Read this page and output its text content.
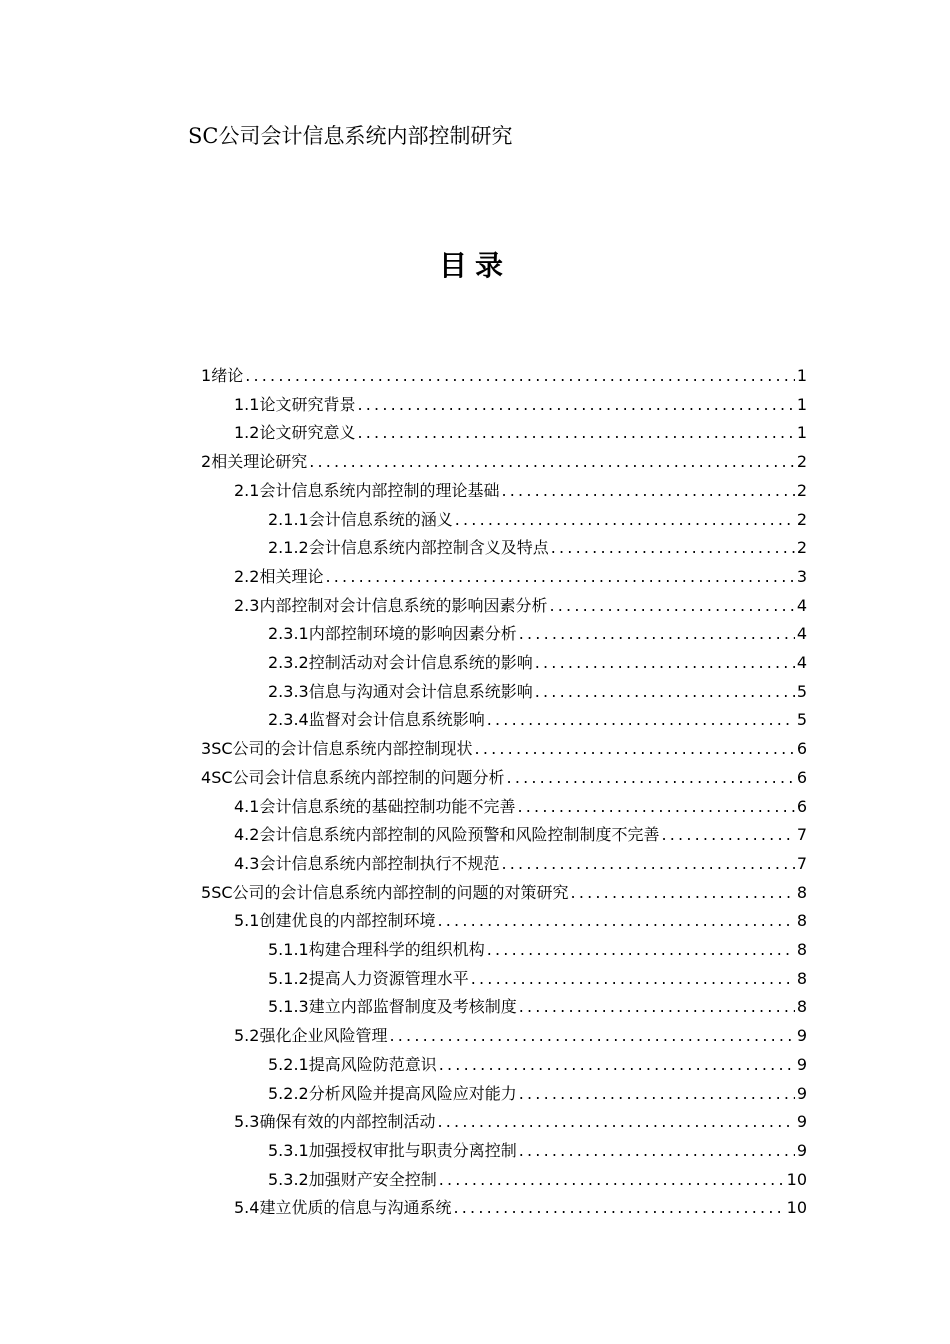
SC公司会计信息系统内部控制研究
目录
1 绪论 .....	1
1.1 论文研究背景 .....	1
1.2 论文研究意义 .....	1
2 相关理论研究 .....	2
2.1 会计信息系统内部控制的理论基础 .....	2
2.1.1 会计信息系统的涵义 .....	2
2.1.2 会计信息系统内部控制含义及特点 .....	2
2.2 相关理论 .....	3
2.3 内部控制对会计信息系统的影响因素分析 .....	4
2.3.1 内部控制环境的影响因素分析 .....	4
2.3.2 控制活动对会计信息系统的影响 .....	4
2.3.3 信息与沟通对会计信息系统影响 .....	5
2.3.4 监督对会计信息系统影响 .....	5
3 SC公司的会计信息系统内部控制现状 .....	6
4 SC公司会计信息系统内部控制的问题分析 .....	6
4.1 会计信息系统的基础控制功能不完善 .....	6
4.2 会计信息系统内部控制的风险预警和风险控制制度不完善 .....	7
4.3 会计信息系统内部控制执行不规范 .....	7
5 SC公司的会计信息系统内部控制的问题的对策研究 .....	8
5.1 创建优良的内部控制环境 .....	8
5.1.1 构建合理科学的组织机构 .....	8
5.1.2 提高人力资源管理水平 .....	8
5.1.3 建立内部监督制度及考核制度 .....	8
5.2 强化企业风险管理 .....	9
5.2.1 提高风险防范意识 .....	9
5.2.2 分析风险并提高风险应对能力 .....	9
5.3 确保有效的内部控制活动 .....	9
5.3.1 加强授权审批与职责分离控制 .....	9
5.3.2 加强财产安全控制 .....	10
5.4 建立优质的信息与沟通系统 .....	10
